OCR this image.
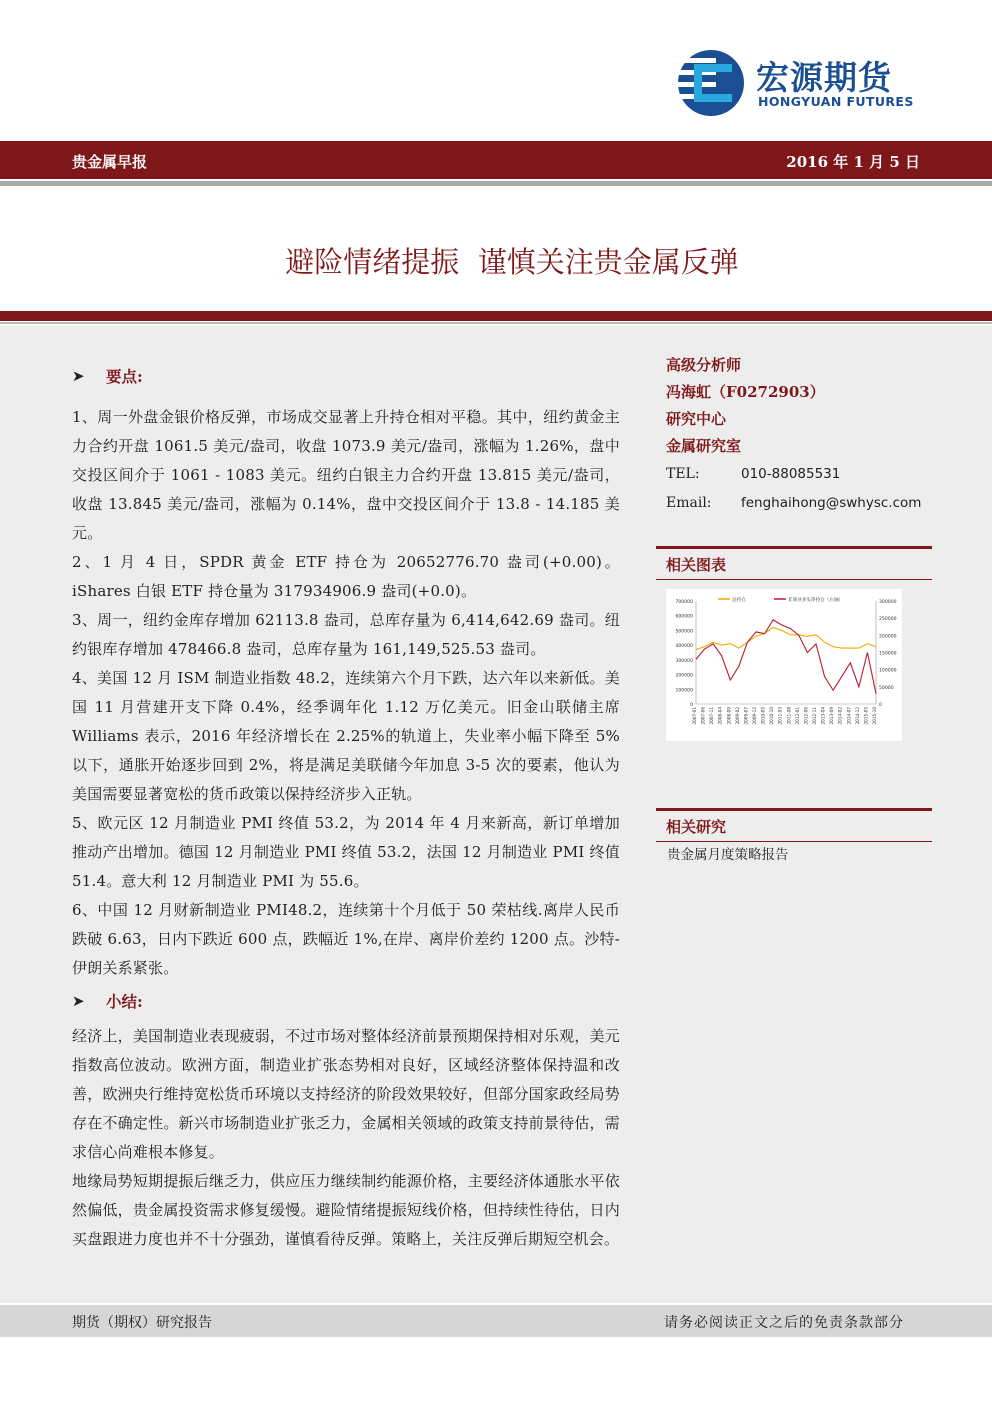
宏源期货
HONGYUAN FUTURES
贵金属早报	2016 年 1 月 5 日
避险情绪提振  谨慎关注贵金属反弹
➤	要点:

1、周一外盘金银价格反弹，市场成交显著上升持仓相对平稳。其中，纽约黄金主力合约开盘 1061.5 美元/盎司，收盘 1073.9 美元/盎司，涨幅为 1.26%，盘中交投区间介于 1061 - 1083 美元。纽约白银主力合约开盘 13.815 美元/盎司，收盘 13.845 美元/盎司，涨幅为 0.14%，盘中交投区间介于 13.8 - 14.185 美元。

2、1 月 4 日，SPDR 黄金 ETF 持仓为 20652776.70 盎司(+0.00)。iShares 白银 ETF 持仓量为 317934906.9 盎司(+0.0)。

3、周一，纽约金库存增加 62113.8 盎司，总库存量为 6,414,642.69 盎司。纽约银库存增加 478466.8 盎司，总库存量为 161,149,525.53 盎司。

4、美国 12 月 ISM 制造业指数 48.2，连续第六个月下跌，达六年以来新低。美国 11 月营建开支下降 0.4%，经季调年化 1.12 万亿美元。旧金山联储主席 Williams 表示，2016 年经济增长在 2.25%的轨道上，失业率小幅下降至 5%以下，通胀开始逐步回到 2%，将是满足美联储今年加息 3-5 次的要素，他认为美国需要显著宽松的货币政策以保持经济步入正轨。

5、欧元区 12 月制造业 PMI 终值 53.2，为 2014 年 4 月来新高，新订单增加推动产出增加。德国 12 月制造业 PMI 终值 53.2，法国 12 月制造业 PMI 终值 51.4。意大利 12 月制造业 PMI 为 55.6。

6、中国 12 月财新制造业 PMI48.2，连续第十个月低于 50 荣枯线.离岸人民币跌破 6.63，日内下跌近 600 点，跌幅近 1%,在岸、离岸价差约 1200 点。沙特-伊朗关系紧张。

➤	小结:

经济上，美国制造业表现疲弱，不过市场对整体经济前景预期保持相对乐观，美元指数高位波动。欧洲方面，制造业扩张态势相对良好，区域经济整体保持温和改善，欧洲央行维持宽松货币环境以支持经济的阶段效果较好，但部分国家政经局势存在不确定性。新兴市场制造业扩张乏力，金属相关领域的政策支持前景待估，需求信心尚难根本修复。

地缘局势短期提振后继乏力，供应压力继续制约能源价格，主要经济体通胀水平依然偏低，贵金属投资需求修复缓慢。避险情绪提振短线价格，但持续性待估，日内买盘跟进力度也并不十分强劲，谨慎看待反弹。策略上，关注反弹后期短空机会。

高级分析师
冯海虹（F0272903）
研究中心
金属研究室
TEL:	010-88085531
Email:	fenghaihong@swhysc.com
相关图表
700000
600000
500000
400000
300000
200000
100000
0
300000
250000
200000
150000
100000
50000
0
2007-01 2007-06 2007-11 2008-04 2008-09 2009-02 2009-07 2009-12 2010-05 2010-10 2011-03 2011-08 2012-01 2012-06 2012-11 2013-04 2013-09 2014-02 2014-07 2014-12 2015-05 2015-10
总持仓	非商业多头净持仓（右轴）
相关研究
贵金属月度策略报告
期货（期权）研究报告	请务必阅读正文之后的免责条款部分
